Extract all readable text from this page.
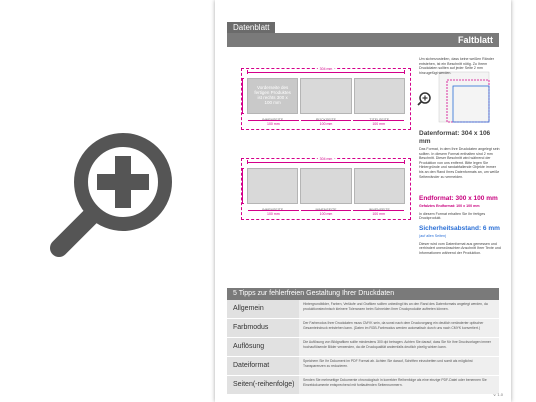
Datenblatt
Faltblatt
304 mm
Vorderseite des fertigen Produktes ist rechts 300 x 100 mm
INNENSEITE	RÜCKSEITE	TITELSEITE
100 mm	100 mm	100 mm
304 mm
INNENSEITE	INNENSEITE	INNENSEITE
100 mm	100 mm	100 mm

Um sicherzustellen, dass keine weißen Ränder entstehen, ist ein Beschnitt nötig. Zu Ihrem Druckdaten sollten auf jeder Seite 2 mm hinzugefügt werden.

Datenformat: 304 x 106 mm

Das Format, in dem Ihre Druckdaten angelegt sein sollten. In diesem Format enthalten sind 2 mm Beschnitt. Dieser Beschnitt wird während der Produktion von uns entfernt. Bitte legen Sie Hintergründe und randabfallende Objekte immer bis an den Rand Ihres Datenformats an, um weiße Seitenränder zu vermeiden.

Endformat: 300 x 100 mm

Gefalztes Endformat: 100 x 100 mm

In diesem Format erhalten Sie Ihr fertiges Druckprodukt.

Sicherheitsabstand: 6 mm

(auf allen Seiten)

Dieser wird vom Datenformat aus gemessen und verhindert unerwünschten Anschnitt Ihrer Texte und Informationen während der Produktion.

5 Tipps zur fehlerfreien Gestaltung Ihrer Druckdaten
Allgemein
Hintergrundbilder, Farben, Verläufe und Grafiken sollten unbedingt bis an den Rand des Datenformats angelegt werden, da produktionstechnisch kleinere Toleranzen beim Schneiden Ihrer Druckprodukte auftreten können.
Farbmodus
Der Farbmodus Ihrer Druckdaten muss CMYK sein, da sonst nach dem Druckvorgang ein deutlich veränderter optischer Gesamteindruck entstehen kann. (Daten im RGB-Farbmodus werden automatisch durch uns nach CMYK konvertiert.)
Auflösung
Die Auflösung von Bildgrafiken sollte mindestens 300 dpi betragen. Achten Sie darauf, dass Sie für Ihre Druckvorlagen immer hochauflösende Bilder verwenden, da die Druckqualität andernfalls deutlich pixelig wirken kann.
Dateiformat
Speichern Sie Ihr Dokument im PDF Format ab. Achten Sie darauf, Schriften einzubetten und somit als möglichst Transparenzen zu reduzieren.
Seiten(-reihenfolge)
Senden Sie mehrseitige Dokumente chronologisch in korrekter Reihenfolge als eine einzige PDF-Datei oder benennen Sie Einzeldokumente entsprechend mit fortlaufenden Seitennummern.
v. 1.0
